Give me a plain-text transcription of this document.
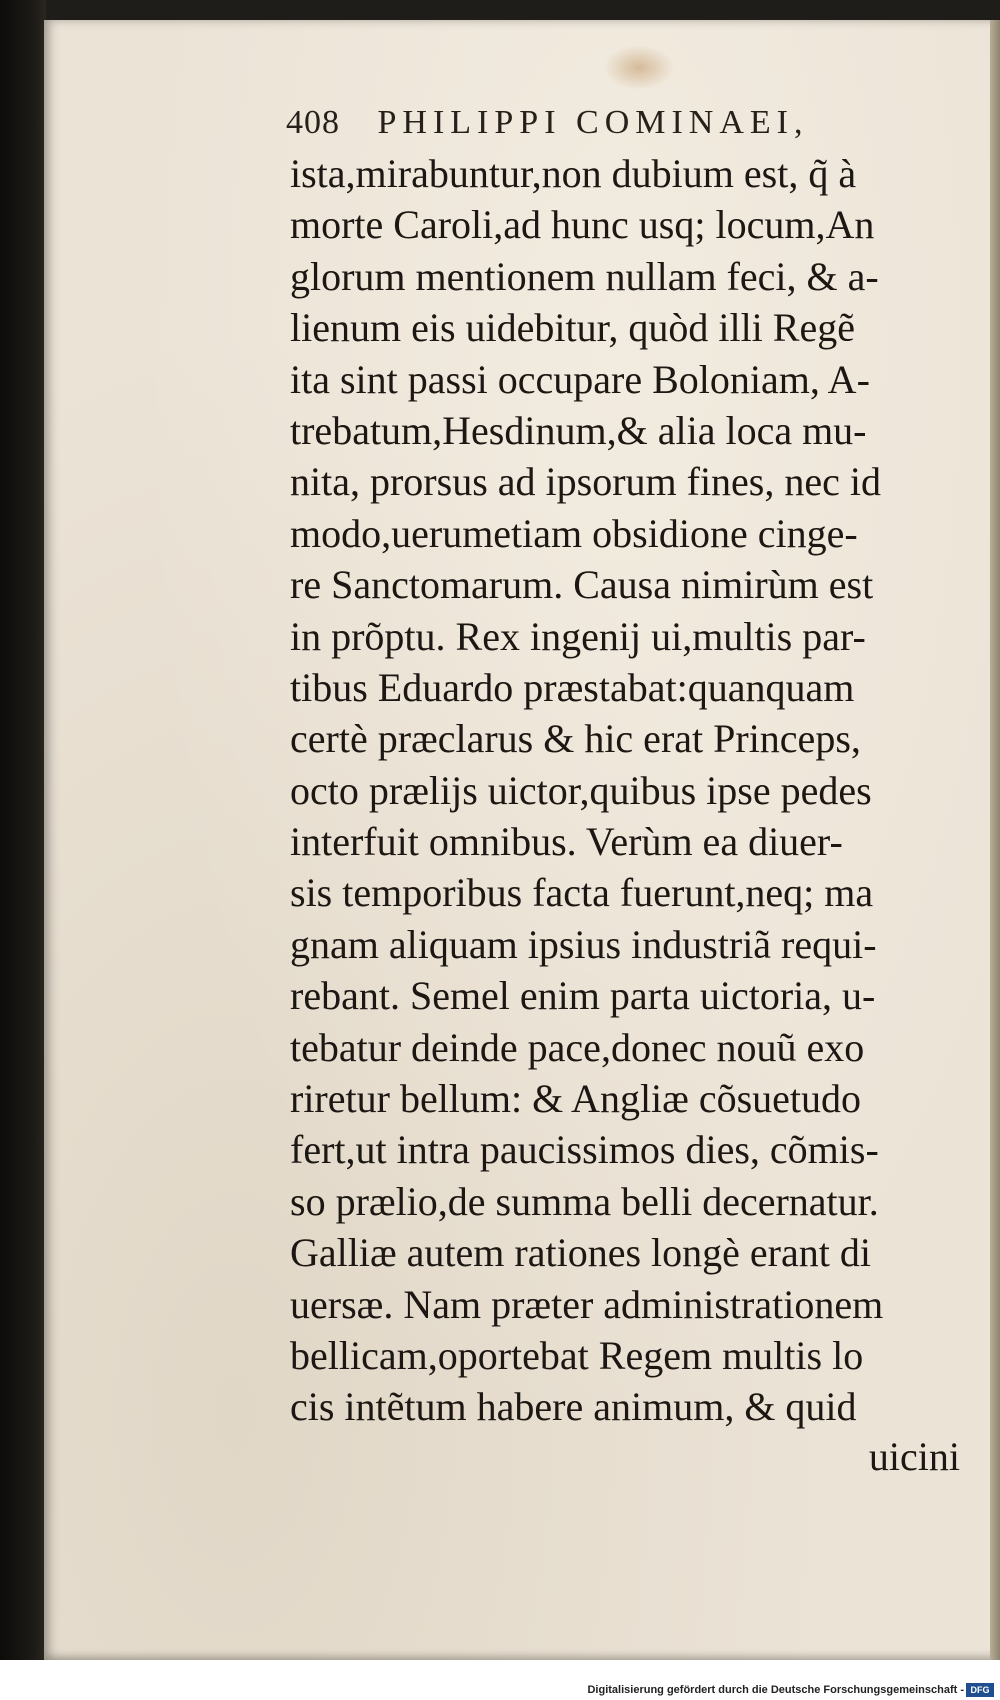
408 PHILIPPI COMINAEI,
ista,mirabuntur,non dubium est, q̃ à
morte Caroli,ad hunc usq; locum,An
glorum mentionem nullam feci, & a-
lienum eis uidebitur, quòd illi Regẽ
ita sint passi occupare Boloniam, A-
trebatum,Hesdinum,& alia loca mu-
nita, prorsus ad ipsorum fines, nec id
modo,uerumetiam obsidione cinge-
re Sanctomarum. Causa nimirùm est
in prõptu. Rex ingenij ui,multis par-
tibus Eduardo præstabat:quanquam
certè præclarus & hic erat Princeps,
octo prælijs uictor,quibus ipse pedes
interfuit omnibus. Verùm ea diuer-
sis temporibus facta fuerunt,neq; ma
gnam aliquam ipsius industriã requi-
rebant. Semel enim parta uictoria, u-
tebatur deinde pace,donec nouũ exo
riretur bellum: & Angliæ cõsuetudo
fert,ut intra paucissimos dies, cõmis-
so prælio,de summa belli decernatur.
Galliæ autem rationes longè erant di
uersæ. Nam præter administrationem
bellicam,oportebat Regem multis lo
cis intẽtum habere animum, & quid
uicini
Digitalisierung gefördert durch die Deutsche Forschungsgemeinschaft - DFG
